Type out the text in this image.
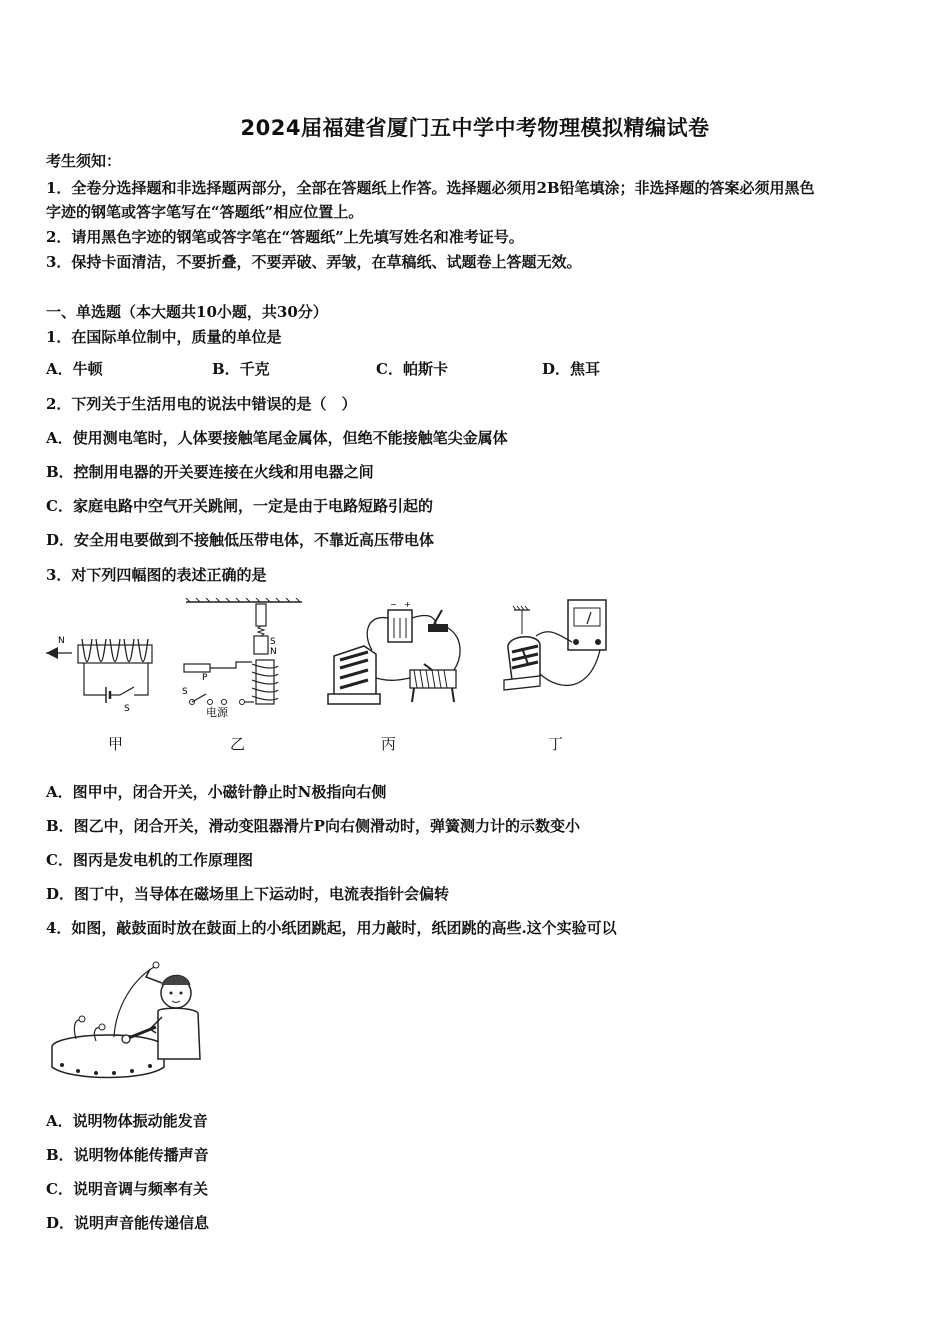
2024届福建省厦门五中学中考物理模拟精编试卷
考生须知：
1．全卷分选择题和非选择题两部分，全部在答题纸上作答。选择题必须用2B铅笔填涂；非选择题的答案必须用黑色
字迹的钢笔或答字笔写在“答题纸”相应位置上。
2．请用黑色字迹的钢笔或答字笔在“答题纸”上先填写姓名和准考证号。
3．保持卡面清洁，不要折叠，不要弄破、弄皱，在草稿纸、试题卷上答题无效。
一、单选题（本大题共10小题，共30分）
1．在国际单位制中，质量的单位是
A．牛顿	B．千克	C．帕斯卡	D．焦耳
2．下列关于生活用电的说法中错误的是（　）
A．使用测电笔时，人体要接触笔尾金属体，但绝不能接触笔尖金属体
B．控制用电器的开关要连接在火线和用电器之间
C．家庭电路中空气开关跳闸，一定是由于电路短路引起的
D．安全用电要做到不接触低压带电体，不靠近高压带电体
3．对下列四幅图的表述正确的是
N
S
S
N
P
S
电源
− +
甲	乙	丙	丁
A．图甲中，闭合开关，小磁针静止时N极指向右侧
B．图乙中，闭合开关，滑动变阻器滑片P向右侧滑动时，弹簧测力计的示数变小
C．图丙是发电机的工作原理图
D．图丁中，当导体在磁场里上下运动时，电流表指针会偏转
4．如图，敲鼓面时放在鼓面上的小纸团跳起，用力敲时，纸团跳的高些.这个实验可以
A．说明物体振动能发音
B．说明物体能传播声音
C．说明音调与频率有关
D．说明声音能传递信息
